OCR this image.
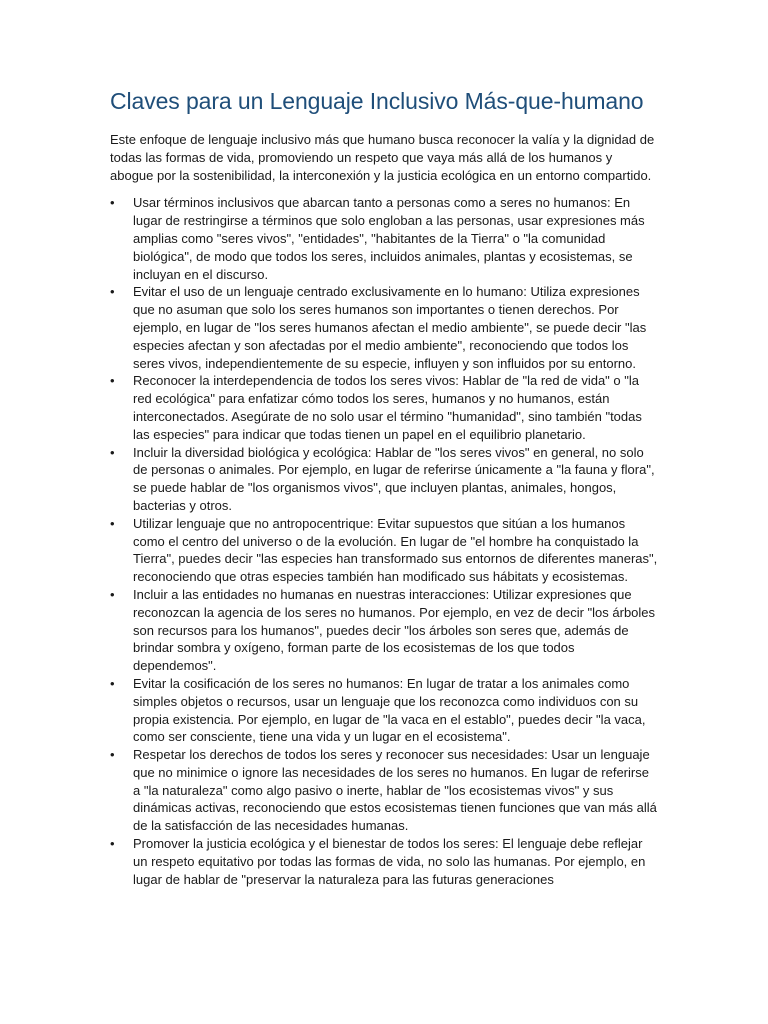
Claves para un Lenguaje Inclusivo Más-que-humano

Este enfoque de lenguaje inclusivo más que humano busca reconocer la valía y la dignidad de todas las formas de vida, promoviendo un respeto que vaya más allá de los humanos y abogue por la sostenibilidad, la interconexión y la justicia ecológica en un entorno compartido.

•	Usar términos inclusivos que abarcan tanto a personas como a seres no humanos: En lugar de restringirse a términos que solo engloban a las personas, usar expresiones más amplias como "seres vivos", "entidades", "habitantes de la Tierra" o "la comunidad biológica", de modo que todos los seres, incluidos animales, plantas y ecosistemas, se incluyan en el discurso.
•	Evitar el uso de un lenguaje centrado exclusivamente en lo humano: Utiliza expresiones que no asuman que solo los seres humanos son importantes o tienen derechos. Por ejemplo, en lugar de "los seres humanos afectan el medio ambiente", se puede decir "las especies afectan y son afectadas por el medio ambiente", reconociendo que todos los seres vivos, independientemente de su especie, influyen y son influidos por su entorno.
•	Reconocer la interdependencia de todos los seres vivos: Hablar de "la red de vida" o "la red ecológica" para enfatizar cómo todos los seres, humanos y no humanos, están interconectados. Asegúrate de no solo usar el término "humanidad", sino también "todas las especies" para indicar que todas tienen un papel en el equilibrio planetario.
•	Incluir la diversidad biológica y ecológica: Hablar de "los seres vivos" en general, no solo de personas o animales. Por ejemplo, en lugar de referirse únicamente a "la fauna y flora", se puede hablar de "los organismos vivos", que incluyen plantas, animales, hongos, bacterias y otros.
•	Utilizar lenguaje que no antropocentrique: Evitar supuestos que sitúan a los humanos como el centro del universo o de la evolución. En lugar de "el hombre ha conquistado la Tierra", puedes decir "las especies han transformado sus entornos de diferentes maneras", reconociendo que otras especies también han modificado sus hábitats y ecosistemas.
•	Incluir a las entidades no humanas en nuestras interacciones: Utilizar expresiones que reconozcan la agencia de los seres no humanos. Por ejemplo, en vez de decir "los árboles son recursos para los humanos", puedes decir "los árboles son seres que, además de brindar sombra y oxígeno, forman parte de los ecosistemas de los que todos dependemos".
•	Evitar la cosificación de los seres no humanos: En lugar de tratar a los animales como simples objetos o recursos, usar un lenguaje que los reconozca como individuos con su propia existencia. Por ejemplo, en lugar de "la vaca en el establo", puedes decir "la vaca, como ser consciente, tiene una vida y un lugar en el ecosistema".
•	Respetar los derechos de todos los seres y reconocer sus necesidades: Usar un lenguaje que no minimice o ignore las necesidades de los seres no humanos. En lugar de referirse a "la naturaleza" como algo pasivo o inerte, hablar de "los ecosistemas vivos" y sus dinámicas activas, reconociendo que estos ecosistemas tienen funciones que van más allá de la satisfacción de las necesidades humanas.
•	Promover la justicia ecológica y el bienestar de todos los seres: El lenguaje debe reflejar un respeto equitativo por todas las formas de vida, no solo las humanas. Por ejemplo, en lugar de hablar de "preservar la naturaleza para las futuras generaciones
